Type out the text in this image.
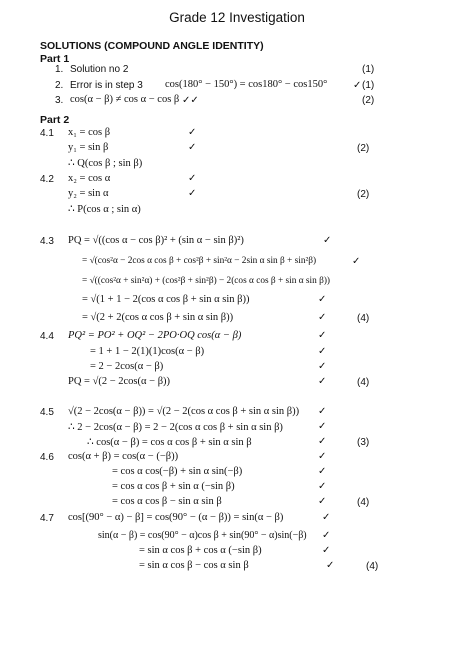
Grade 12 Investigation
SOLUTIONS (COMPOUND ANGLE IDENTITY)
Part 1
1. Solution no 2	(1)
2. Error is in step 3 cos(180° − 150°) = cos180° − cos150°	✓ (1)
3. cos(α − β) ≠ cos α − cos β ✓✓	(2)
Part 2
4.1 x₁ = cos β	✓
y₁ = sin β	✓	(2)
∴ Q(cos β ; sin β)
4.2 x₂ = cos α	✓
y₂ = sin α	✓	(2)
∴ P(cos α ; sin α)
4.3 PQ = √((cos α − cos β)² + (sin α − sin β)²)	✓
= √(cos²α − 2cos α cos β + cos²β + sin²α − 2sin α sin β + sin²β)	✓
= √((cos²α + sin²α) + (cos²β + sin²β) − 2(cos α cos β + sin α sin β))
= √(1 + 1 − 2(cos α cos β + sin α sin β))	✓
= √(2 + 2(cos α cos β + sin α sin β))	✓	(4)
4.4 PQ² = PO² + OQ² − 2PO·OQ cos(α − β)	✓
= 1 + 1 − 2(1)(1)cos(α − β)	✓
= 2 − 2cos(α − β)	✓
PQ = √(2 − 2cos(α − β))	✓	(4)
4.5 √(2 − 2cos(α − β)) = √(2 − 2(cos α cos β + sin α sin β)) ✓
∴ 2 − 2cos(α − β) = 2 − 2(cos α cos β + sin α sin β)	✓
∴ cos(α − β) = cos α cos β + sin α sin β	✓	(3)
4.6 cos(α + β) = cos(α − (−β))	✓
= cos α cos(−β) + sin α sin(−β)	✓
= cos α cos β + sin α (−sin β)	✓
= cos α cos β − sin α sin β	✓	(4)
4.7 cos[(90° − α) − β] = cos(90° − (α − β)) = sin(α − β)	✓
sin(α − β) = cos(90° − α)cos β + sin(90° − α)sin(−β) ✓
= sin α cos β + cos α (−sin β)	✓
= sin α cos β − cos α sin β	✓	(4)
